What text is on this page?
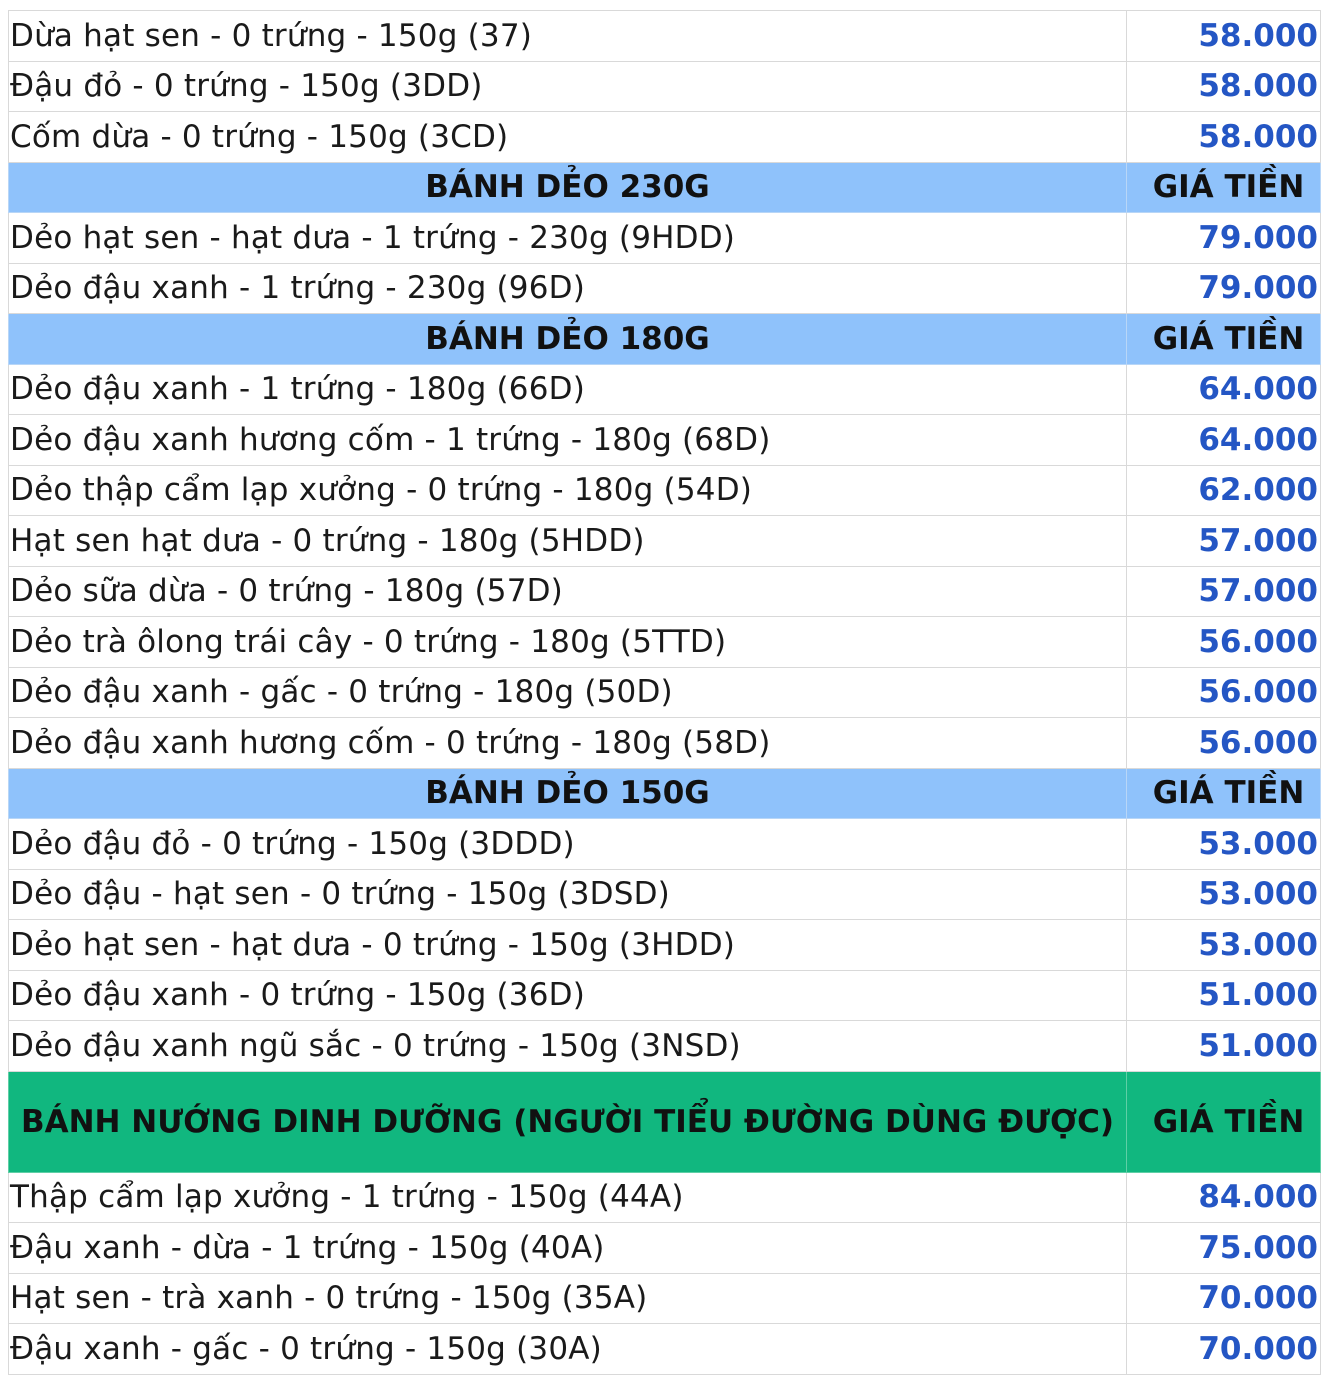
Dừa hạt sen - 0 trứng - 150g (37)	58.000
Đậu đỏ - 0 trứng - 150g (3DD)	58.000
Cốm dừa - 0 trứng - 150g (3CD)	58.000
BÁNH DẺO 230G	GIÁ TIỀN
Dẻo hạt sen - hạt dưa - 1 trứng - 230g (9HDD)	79.000
Dẻo đậu xanh - 1 trứng - 230g (96D)	79.000
BÁNH DẺO 180G	GIÁ TIỀN
Dẻo đậu xanh - 1 trứng - 180g (66D)	64.000
Dẻo đậu xanh hương cốm - 1 trứng - 180g (68D)	64.000
Dẻo thập cẩm lạp xưởng - 0 trứng - 180g (54D)	62.000
Hạt sen hạt dưa - 0 trứng - 180g (5HDD)	57.000
Dẻo sữa dừa - 0 trứng - 180g (57D)	57.000
Dẻo trà ôlong trái cây - 0 trứng - 180g (5TTD)	56.000
Dẻo đậu xanh - gấc - 0 trứng - 180g (50D)	56.000
Dẻo đậu xanh hương cốm - 0 trứng - 180g (58D)	56.000
BÁNH DẺO 150G	GIÁ TIỀN
Dẻo đậu đỏ - 0 trứng - 150g (3DDD)	53.000
Dẻo đậu - hạt sen - 0 trứng - 150g (3DSD)	53.000
Dẻo hạt sen - hạt dưa - 0 trứng - 150g (3HDD)	53.000
Dẻo đậu xanh - 0 trứng - 150g (36D)	51.000
Dẻo đậu xanh ngũ sắc - 0 trứng - 150g (3NSD)	51.000
BÁNH NƯỚNG DINH DƯỠNG (NGƯỜI TIỂU ĐƯỜNG DÙNG ĐƯỢC)	GIÁ TIỀN
Thập cẩm lạp xưởng - 1 trứng - 150g (44A)	84.000
Đậu xanh - dừa - 1 trứng - 150g (40A)	75.000
Hạt sen - trà xanh - 0 trứng - 150g (35A)	70.000
Đậu xanh - gấc - 0 trứng - 150g (30A)	70.000
